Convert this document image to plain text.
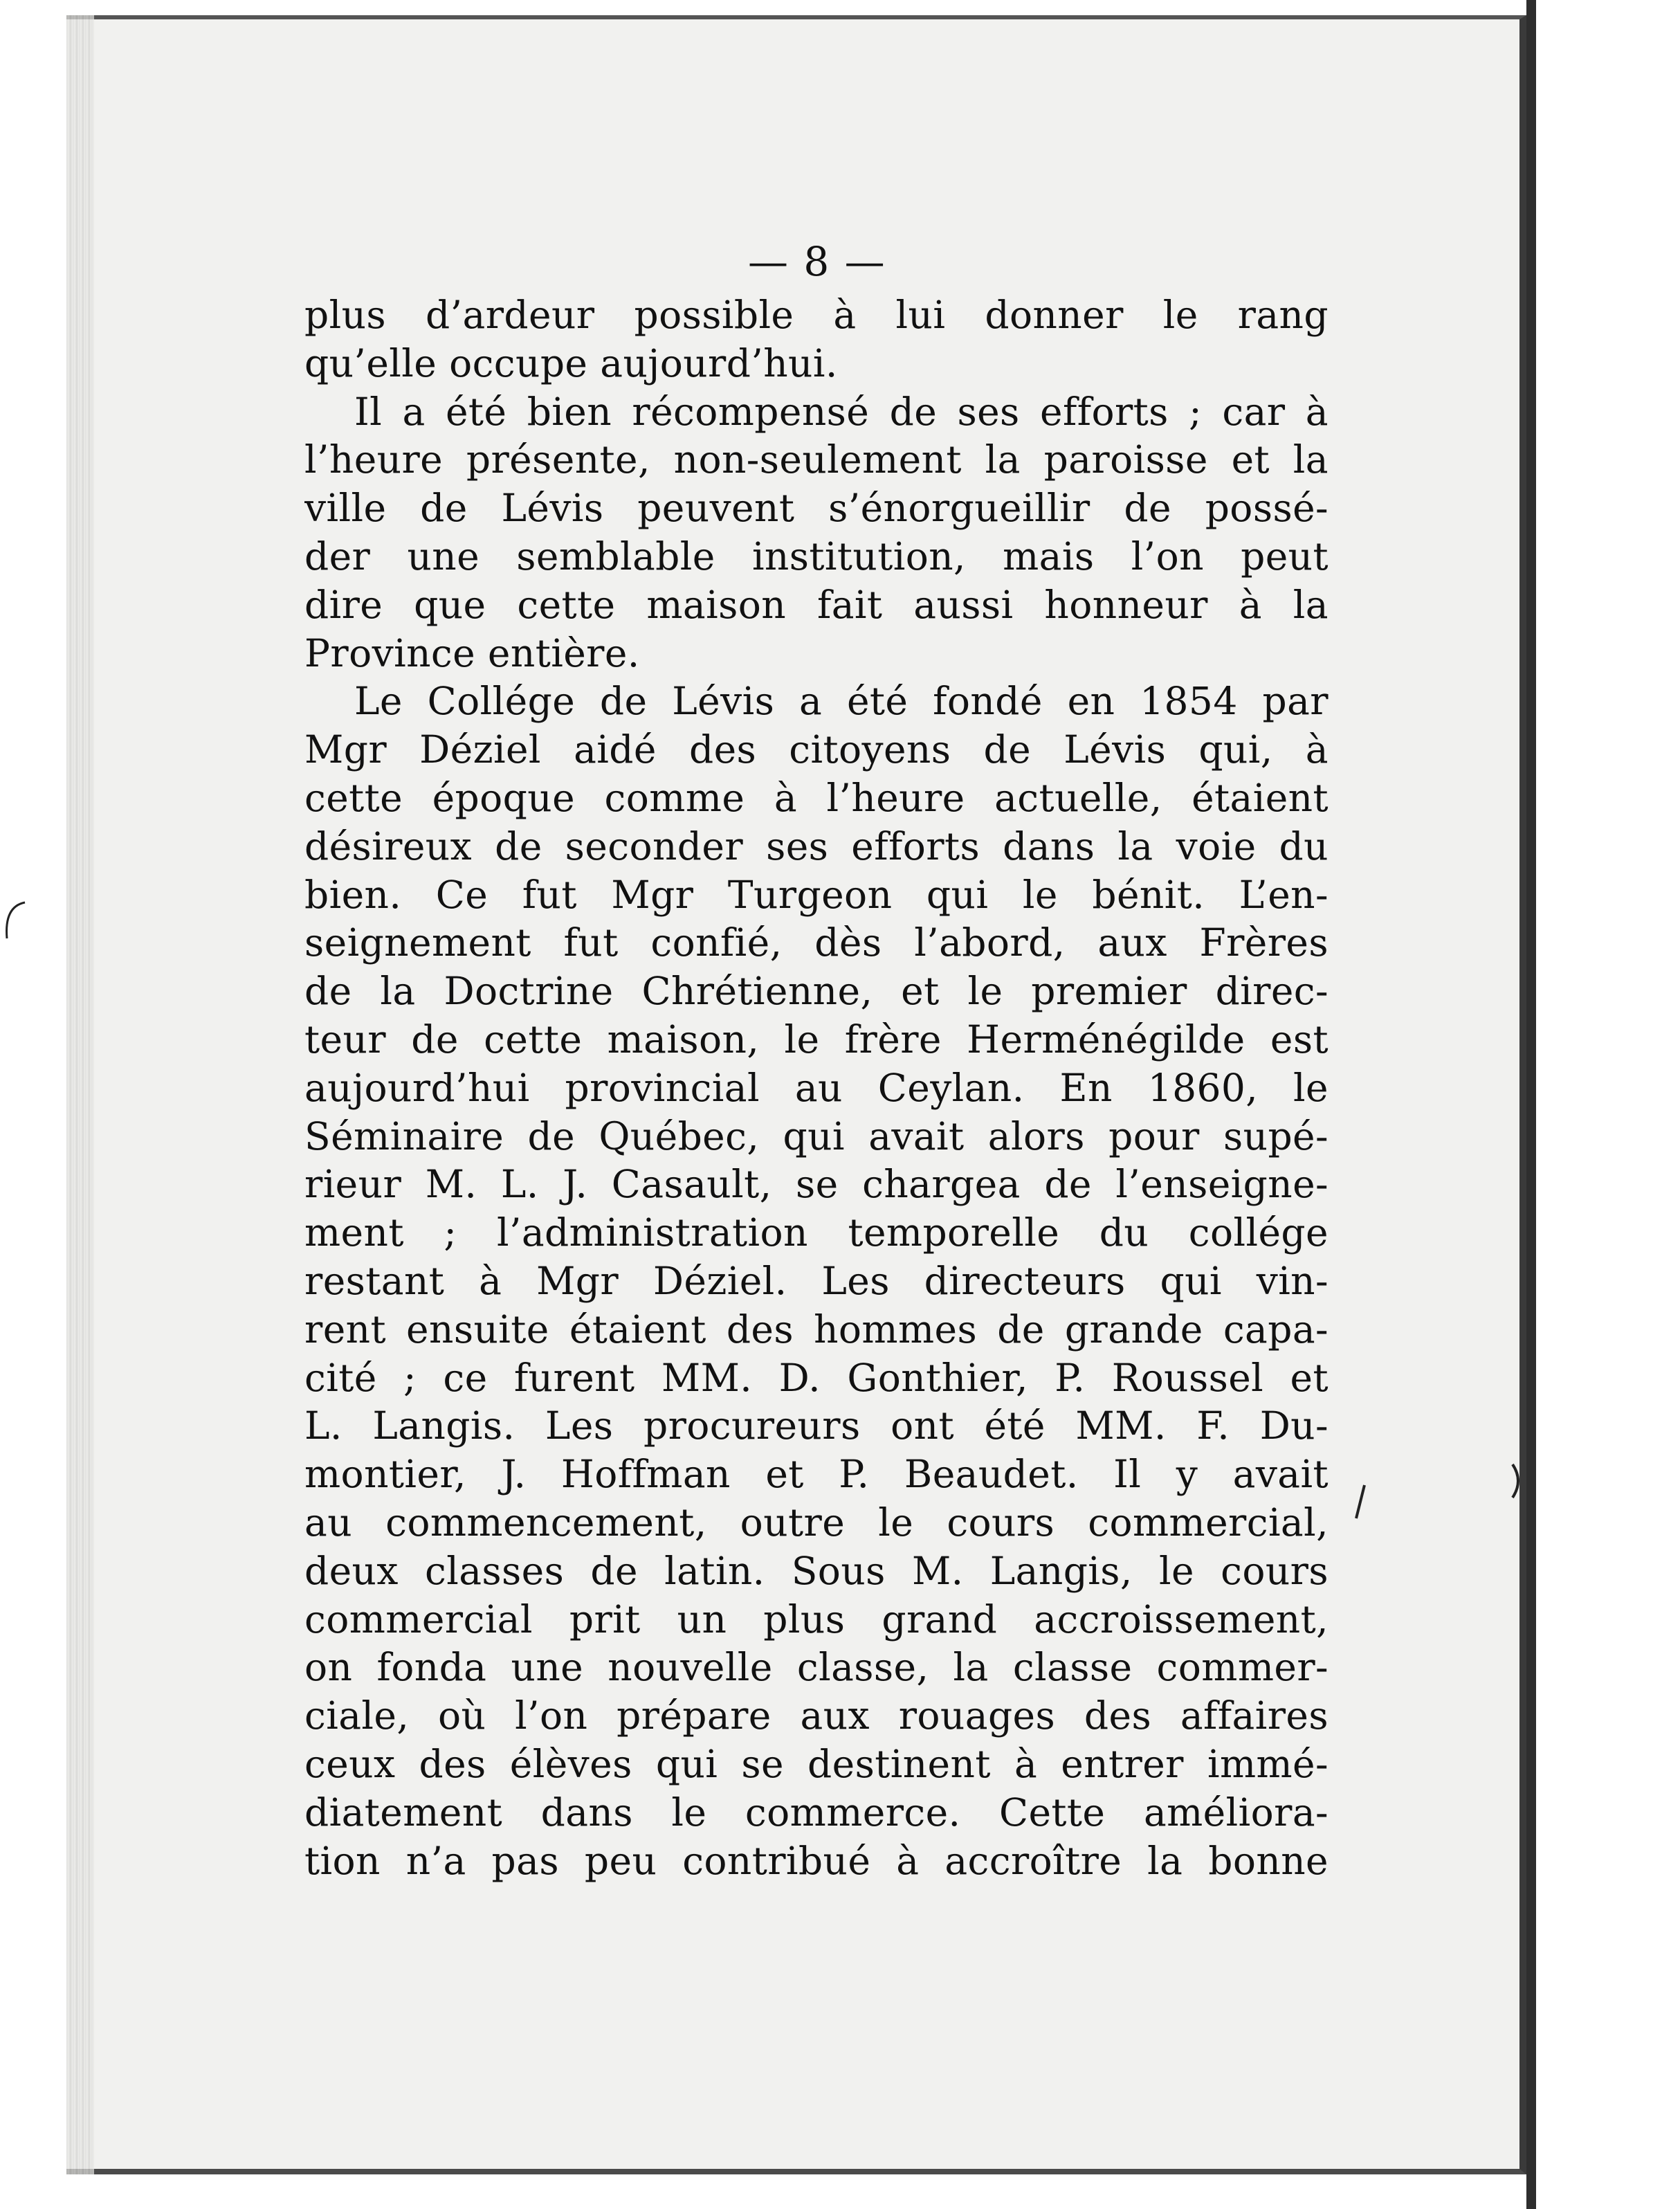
— 8 —
plus d’ardeur possible à lui donner le rang
qu’elle occupe aujourd’hui.
Il a été bien récompensé de ses efforts ; car à
l’heure présente, non-seulement la paroisse et la
ville de Lévis peuvent s’énorgueillir de possé-
der une semblable institution, mais l’on peut
dire que cette maison fait aussi honneur à la
Province entière.
Le Collége de Lévis a été fondé en 1854 par
Mgr Déziel aidé des citoyens de Lévis qui, à
cette époque comme à l’heure actuelle, étaient
désireux de seconder ses efforts dans la voie du
bien. Ce fut Mgr Turgeon qui le bénit. L’en-
seignement fut confié, dès l’abord, aux Frères
de la Doctrine Chrétienne, et le premier direc-
teur de cette maison, le frère Herménégilde est
aujourd’hui provincial au Ceylan. En 1860, le
Séminaire de Québec, qui avait alors pour supé-
rieur M. L. J. Casault, se chargea de l’enseigne-
ment ; l’administration temporelle du collége
restant à Mgr Déziel. Les directeurs qui vin-
rent ensuite étaient des hommes de grande capa-
cité ; ce furent MM. D. Gonthier, P. Roussel et
L. Langis. Les procureurs ont été MM. F. Du-
montier, J. Hoffman et P. Beaudet. Il y avait
au commencement, outre le cours commercial,
deux classes de latin. Sous M. Langis, le cours
commercial prit un plus grand accroissement,
on fonda une nouvelle classe, la classe commer-
ciale, où l’on prépare aux rouages des affaires
ceux des élèves qui se destinent à entrer immé-
diatement dans le commerce. Cette améliora-
tion n’a pas peu contribué à accroître la bonne
